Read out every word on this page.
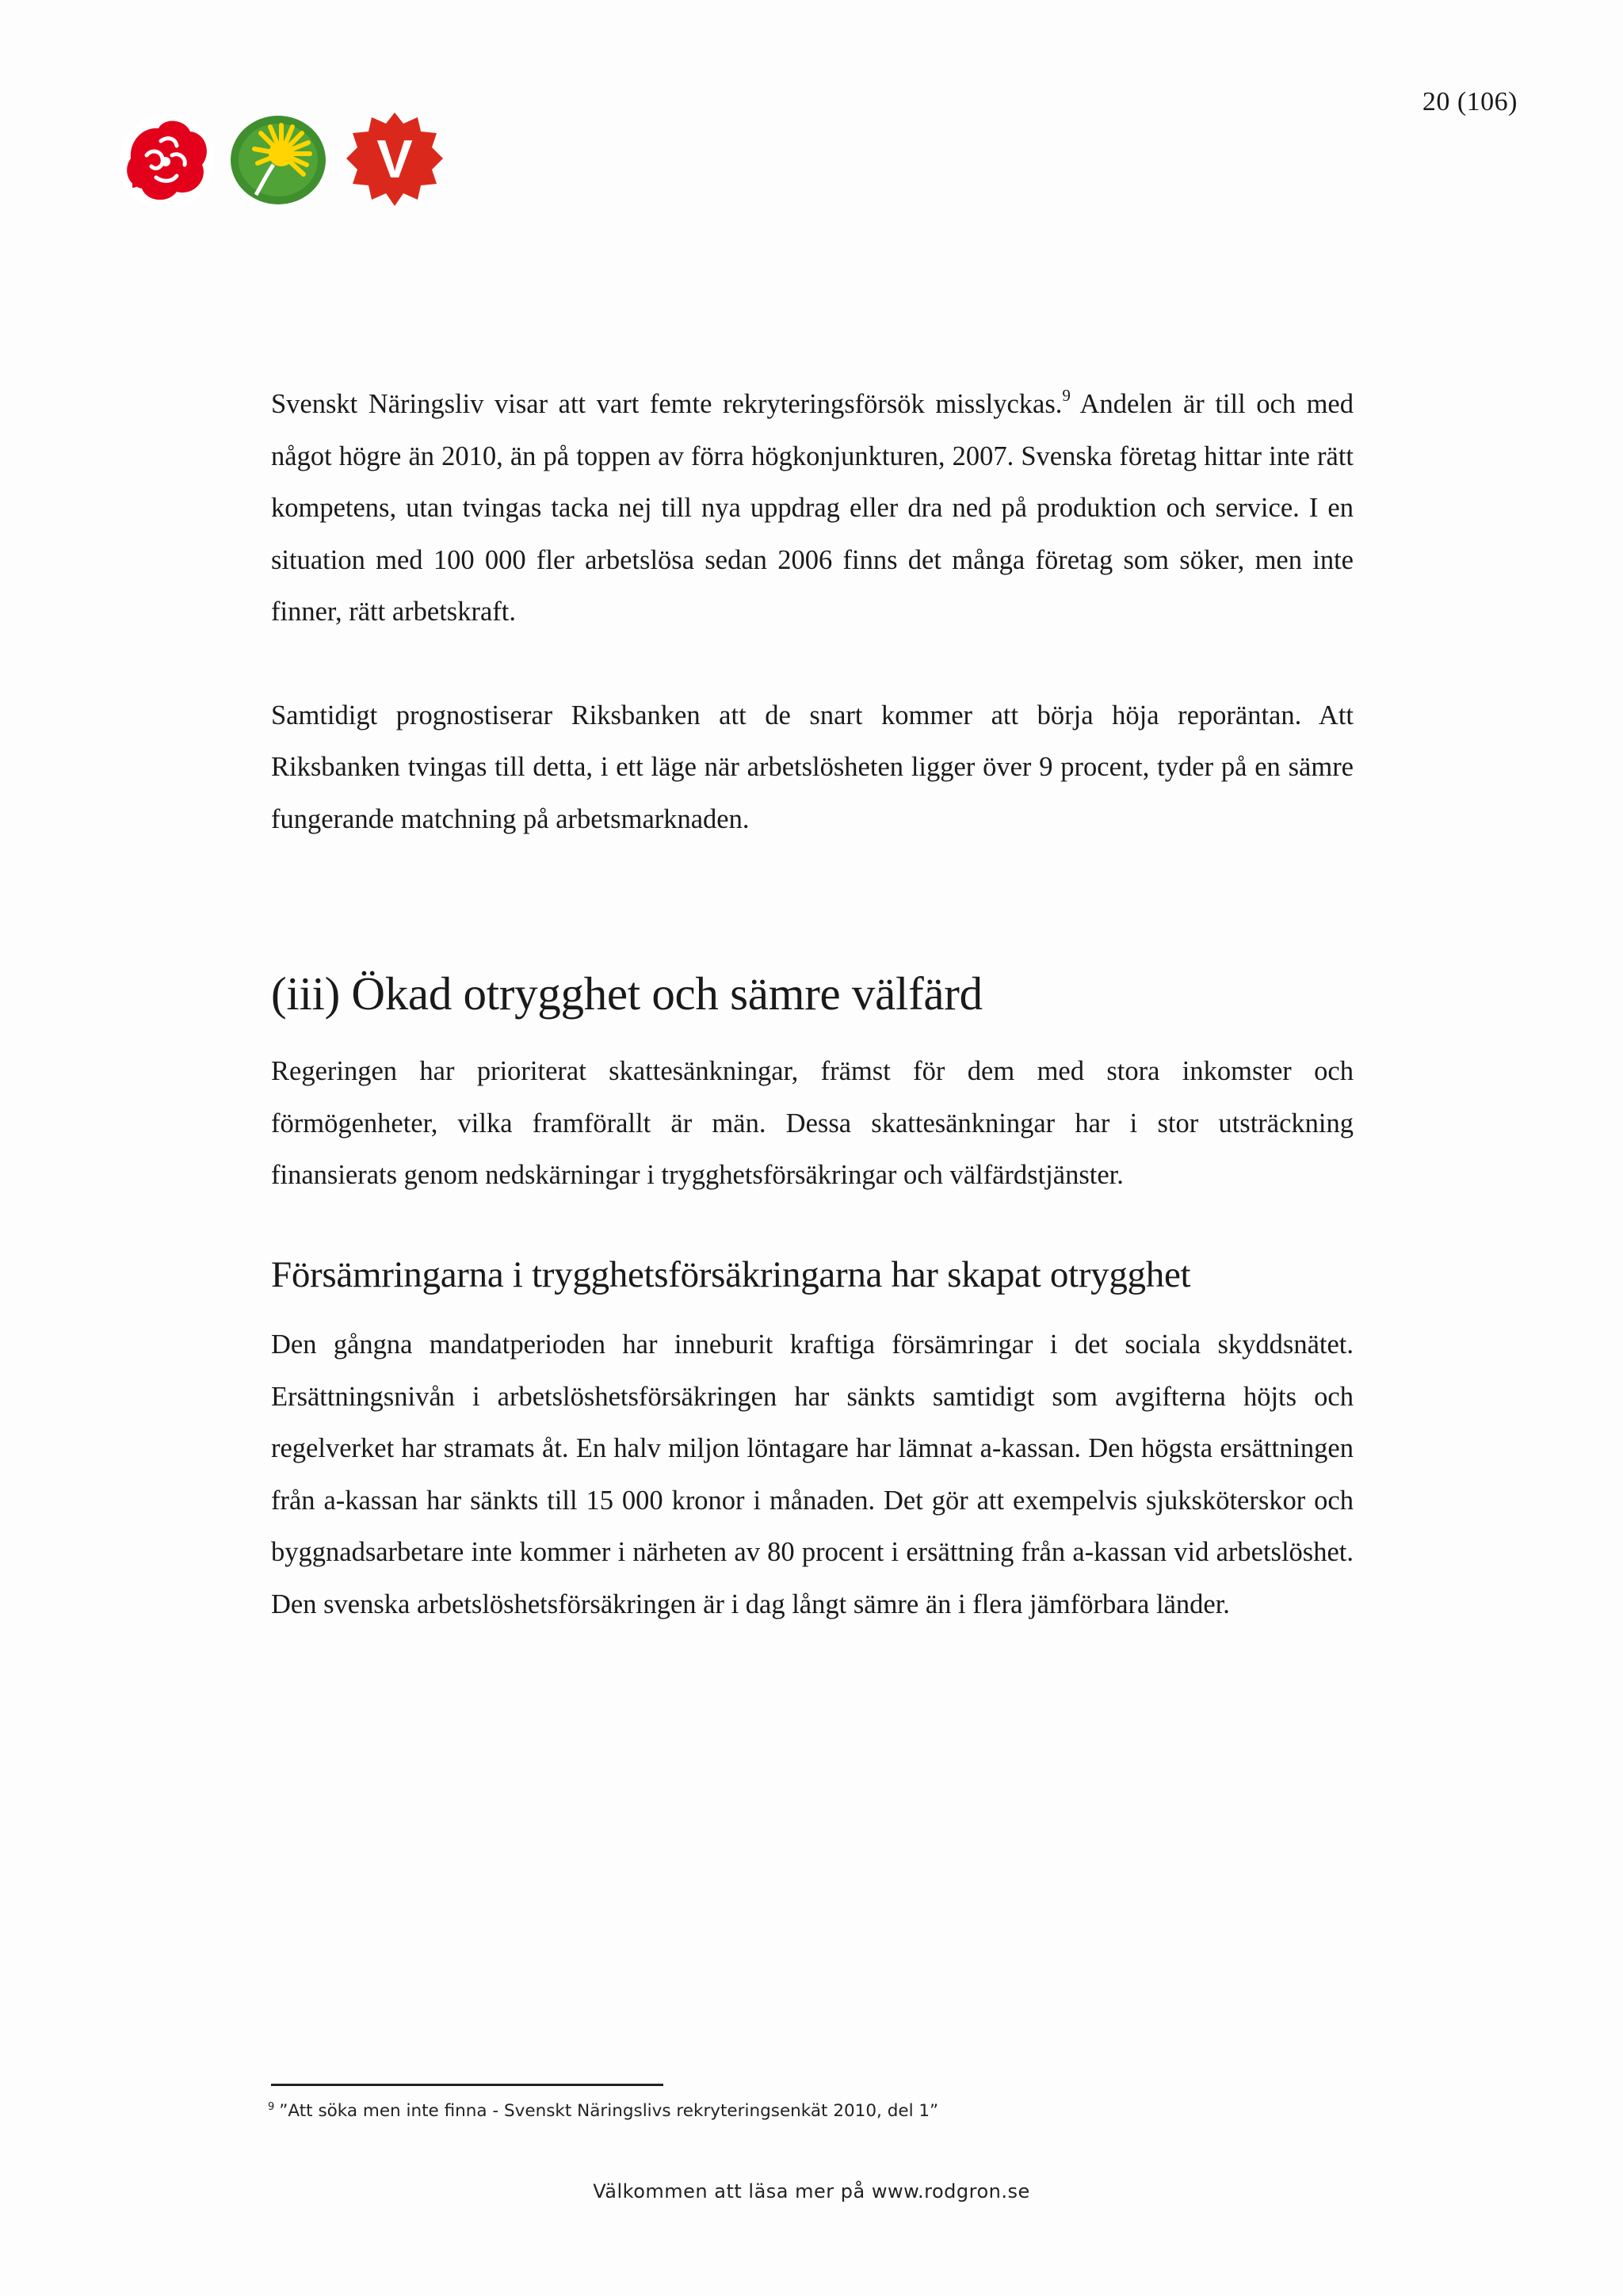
V
20 (106)

Svenskt Näringsliv visar att vart femte rekryteringsförsök misslyckas.$^9$ Andelen är till och med något högre än 2010, än på toppen av förra högkonjunkturen, 2007. Svenska företag hittar inte rätt kompetens, utan tvingas tacka nej till nya uppdrag eller dra ned på produktion och service. I en situation med 100 000 fler arbetslösa sedan 2006 finns det många företag som söker, men inte finner, rätt arbetskraft.

Samtidigt prognostiserar Riksbanken att de snart kommer att börja höja reporäntan. Att Riksbanken tvingas till detta, i ett läge när arbetslösheten ligger över 9 procent, tyder på en sämre fungerande matchning på arbetsmarknaden.

(iii) Ökad otrygghet och sämre välfärd

Regeringen har prioriterat skattesänkningar, främst för dem med stora inkomster och förmögenheter, vilka framförallt är män. Dessa skattesänkningar har i stor utsträckning finansierats genom nedskärningar i trygghetsförsäkringar och välfärdstjänster.

Försämringarna i trygghetsförsäkringarna har skapat otrygghet

Den gångna mandatperioden har inneburit kraftiga försämringar i det sociala skyddsnätet. Ersättningsnivån i arbetslöshetsförsäkringen har sänkts samtidigt som avgifterna höjts och regelverket har stramats åt. En halv miljon löntagare har lämnat a-kassan. Den högsta ersättningen från a-kassan har sänkts till 15 000 kronor i månaden. Det gör att exempelvis sjuksköterskor och byggnadsarbetare inte kommer i närheten av 80 procent i ersättning från a-kassan vid arbetslöshet. Den svenska arbetslöshetsförsäkringen är i dag långt sämre än i flera jämförbara länder.

$^9$ ”Att söka men inte finna - Svenskt Näringslivs rekryteringsenkät 2010, del 1”
Välkommen att läsa mer på www.rodgron.se
